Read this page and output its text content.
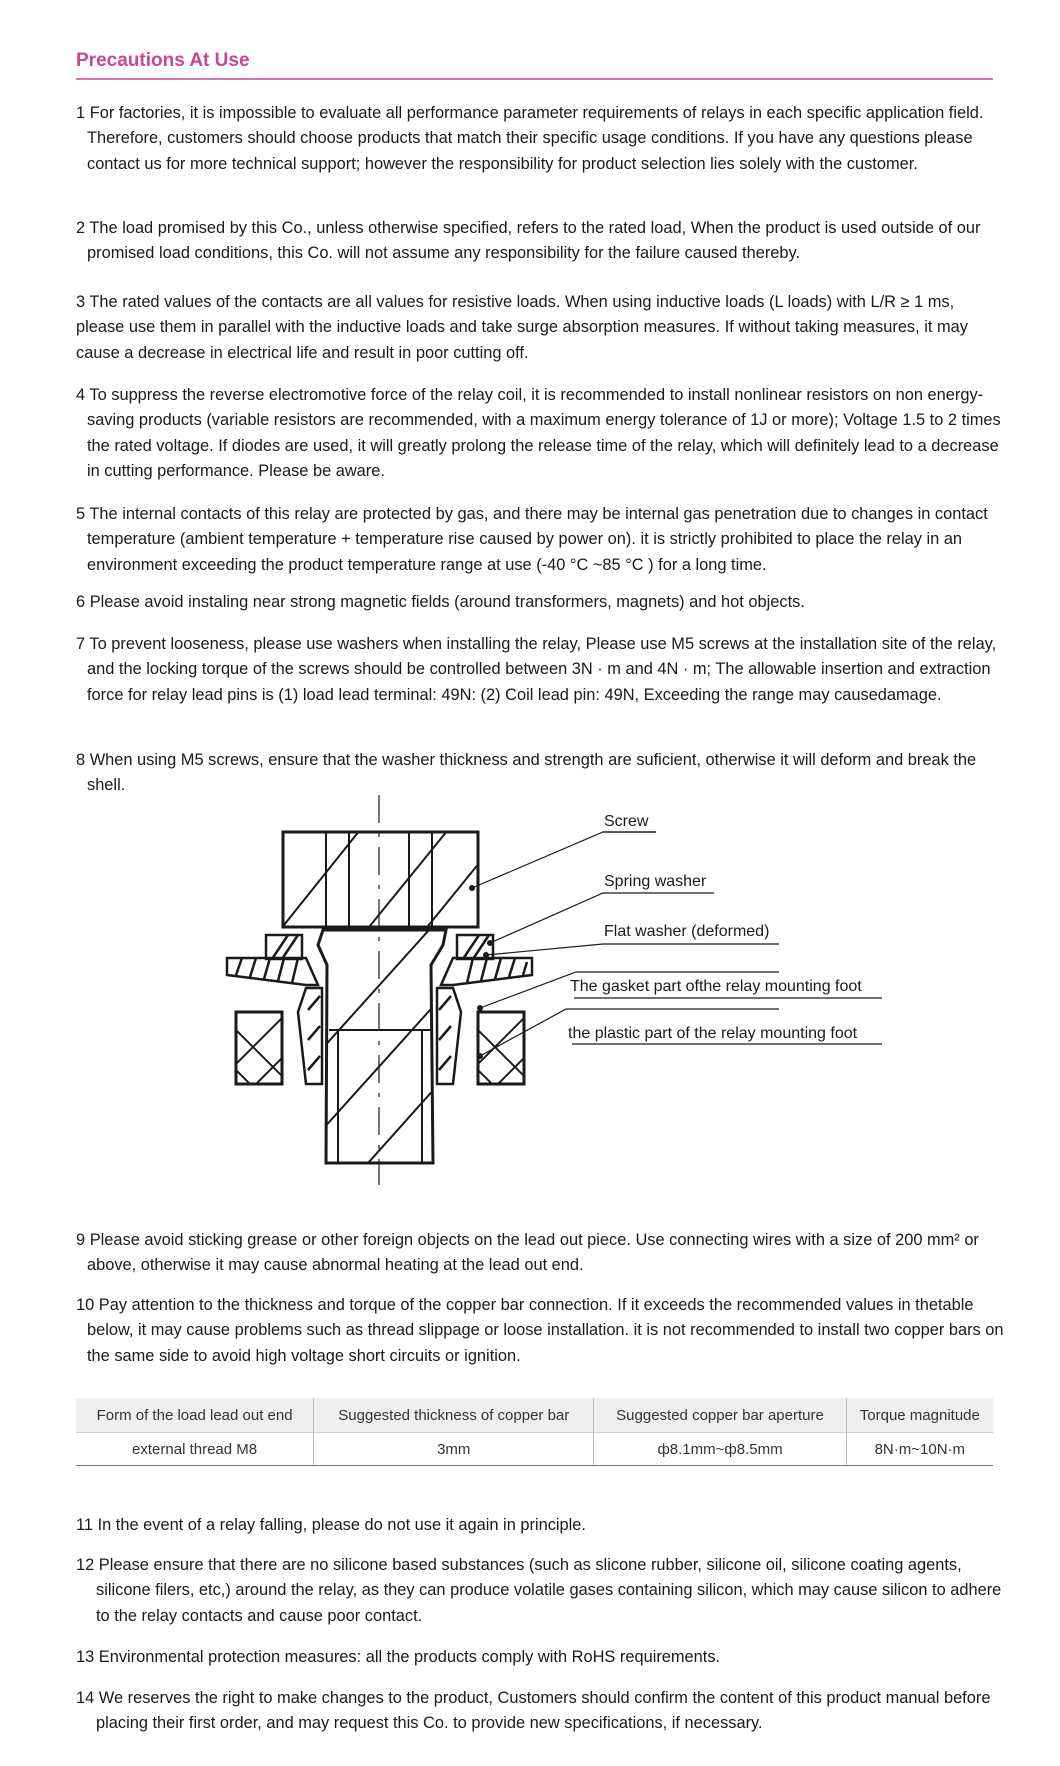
Precautions At Use
1 For factories, it is impossible to evaluate all performance parameter requirements of relays in each specific application field. Therefore, customers should choose products that match their specific usage conditions. If you have any questions please contact us for more technical support; however the responsibility for product selection lies solely with the customer.
2 The load promised by this Co., unless otherwise specified, refers to the rated load, When the product is used outside of our promised load conditions, this Co. will not assume any responsibility for the failure caused thereby.
3 The rated values of the contacts are all values for resistive loads. When using inductive loads (L loads) with L/R ≥ 1 ms, please use them in parallel with the inductive loads and take surge absorption measures. If without taking measures, it may cause a decrease in electrical life and result in poor cutting off.
4 To suppress the reverse electromotive force of the relay coil, it is recommended to install nonlinear resistors on non energy-saving products (variable resistors are recommended, with a maximum energy tolerance of 1J or more); Voltage 1.5 to 2 times the rated voltage. If diodes are used, it will greatly prolong the release time of the relay, which will definitely lead to a decrease in cutting performance. Please be aware.
5 The internal contacts of this relay are protected by gas, and there may be internal gas penetration due to changes in contact temperature (ambient temperature + temperature rise caused by power on). it is strictly prohibited to place the relay in an environment exceeding the product temperature range at use (-40 °C ~85 °C ) for a long time.
6 Please avoid instaling near strong magnetic fields (around transformers, magnets) and hot objects.
7 To prevent looseness, please use washers when installing the relay, Please use M5 screws at the installation site of the relay, and the locking torque of the screws should be controlled between 3N · m and 4N · m; The allowable insertion and extraction force for relay lead pins is (1) load lead terminal: 49N: (2) Coil lead pin: 49N, Exceeding the range may causedamage.
8 When using M5 screws, ensure that the washer thickness and strength are suficient, otherwise it will deform and break the shell.
Screw
Spring washer
Flat washer (deformed)
The gasket part ofthe relay mounting foot
the plastic part of the relay mounting foot
9 Please avoid sticking grease or other foreign objects on the lead out piece. Use connecting wires with a size of 200 mm² or above, otherwise it may cause abnormal heating at the lead out end.
10 Pay attention to the thickness and torque of the copper bar connection. If it exceeds the recommended values in thetable below, it may cause problems such as thread slippage or loose installation. it is not recommended to install two copper bars on the same side to avoid high voltage short circuits or ignition.
Form of the load lead out end	Suggested thickness of copper bar	Suggested copper bar aperture	Torque magnitude
external thread M8	3mm	ф8.1mm~ф8.5mm	8N·m~10N·m
11 In the event of a relay falling, please do not use it again in principle.
12 Please ensure that there are no silicone based substances (such as slicone rubber, silicone oil, silicone coating agents, silicone filers, etc,) around the relay, as they can produce volatile gases containing silicon, which may cause silicon to adhere to the relay contacts and cause poor contact.
13 Environmental protection measures: all the products comply with RoHS requirements.
14 We reserves the right to make changes to the product, Customers should confirm the content of this product manual before placing their first order, and may request this Co. to provide new specifications, if necessary.
